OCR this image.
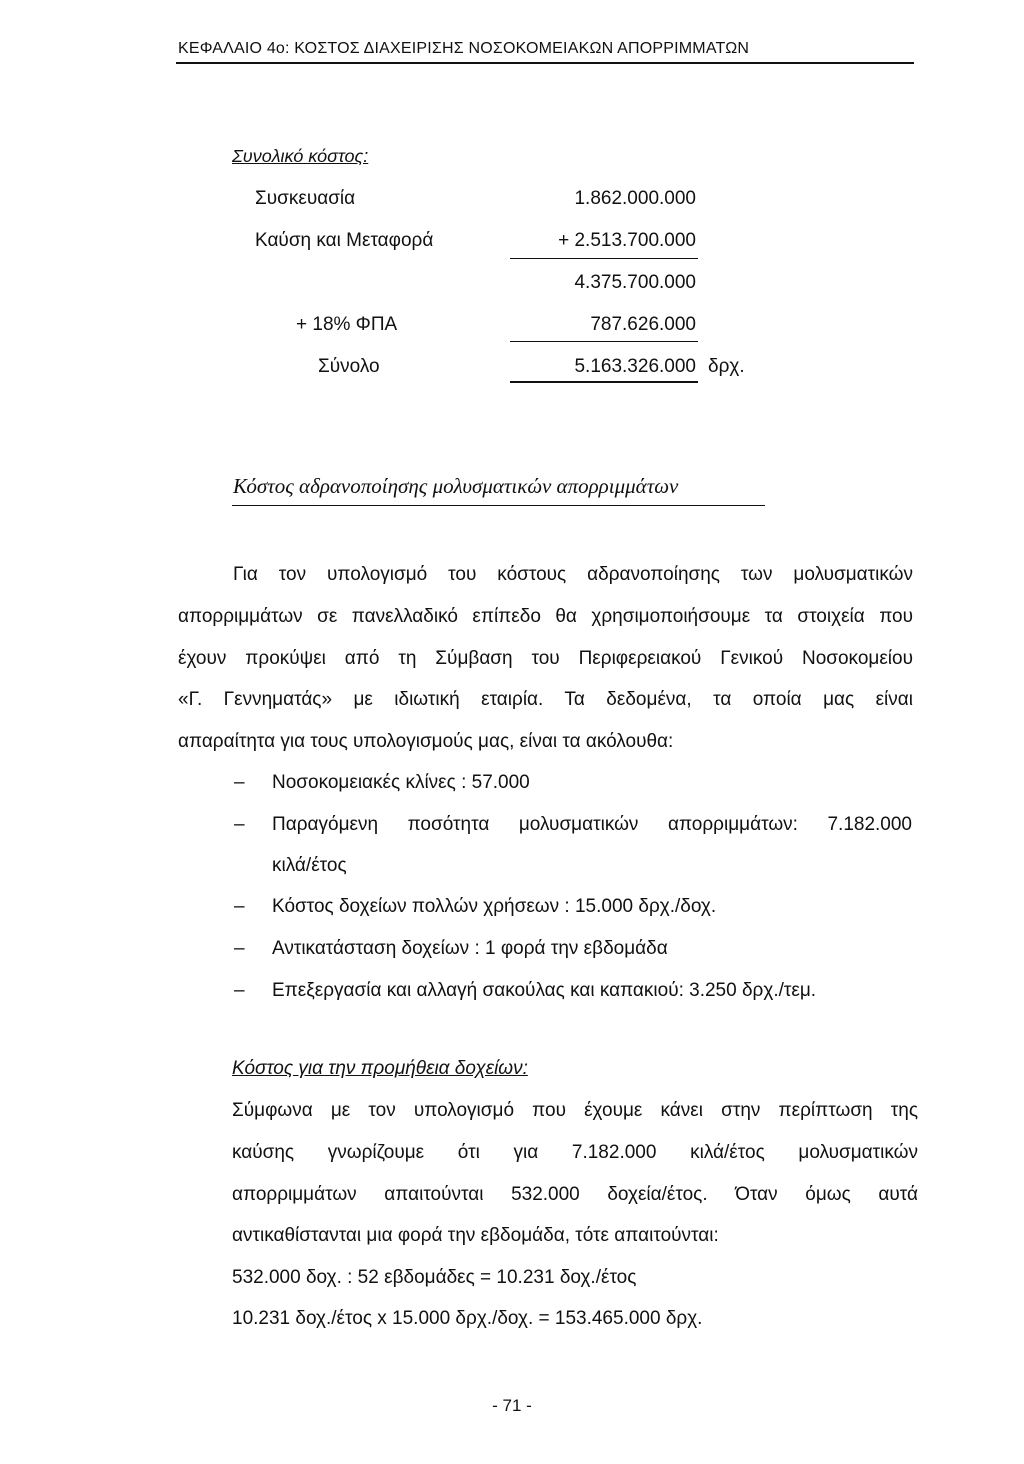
ΚΕΦΑΛΑΙΟ 4ο: ΚΟΣΤΟΣ ΔΙΑΧΕΙΡΙΣΗΣ ΝΟΣΟΚΟΜΕΙΑΚΩΝ ΑΠΟΡΡΙΜΜΑΤΩΝ
Συνολικό κόστος:
Συσκευασία	1.862.000.000
Καύση και Μεταφορά	+ 2.513.700.000
4.375.700.000
+ 18% ΦΠΑ	787.626.000
Σύνολο	5.163.326.000 δρχ.
Κόστος αδρανοποίησης μολυσματικών απορριμμάτων
Για τον υπολογισμό του κόστους αδρανοποίησης των μολυσματικών
απορριμμάτων σε πανελλαδικό επίπεδο θα χρησιμοποιήσουμε τα στοιχεία που
έχουν προκύψει από τη Σύμβαση του Περιφερειακού Γενικού Νοσοκομείου
«Γ. Γεννηματάς» με ιδιωτική εταιρία. Τα δεδομένα, τα οποία μας είναι
απαραίτητα για τους υπολογισμούς μας, είναι τα ακόλουθα:
– Νοσοκομειακές κλίνες : 57.000
– Παραγόμενη ποσότητα μολυσματικών απορριμμάτων: 7.182.000
κιλά/έτος
– Κόστος δοχείων πολλών χρήσεων : 15.000 δρχ./δοχ.
– Αντικατάσταση δοχείων : 1 φορά την εβδομάδα
– Επεξεργασία και αλλαγή σακούλας και καπακιού: 3.250 δρχ./τεμ.
Κόστος για την προμήθεια δοχείων:
Σύμφωνα με τον υπολογισμό που έχουμε κάνει στην περίπτωση της
καύσης γνωρίζουμε ότι για 7.182.000 κιλά/έτος μολυσματικών
απορριμμάτων απαιτούνται 532.000 δοχεία/έτος. Όταν όμως αυτά
αντικαθίστανται μια φορά την εβδομάδα, τότε απαιτούνται:
532.000 δοχ. : 52 εβδομάδες = 10.231 δοχ./έτος
10.231 δοχ./έτος x 15.000 δρχ./δοχ. = 153.465.000 δρχ.
- 71 -
